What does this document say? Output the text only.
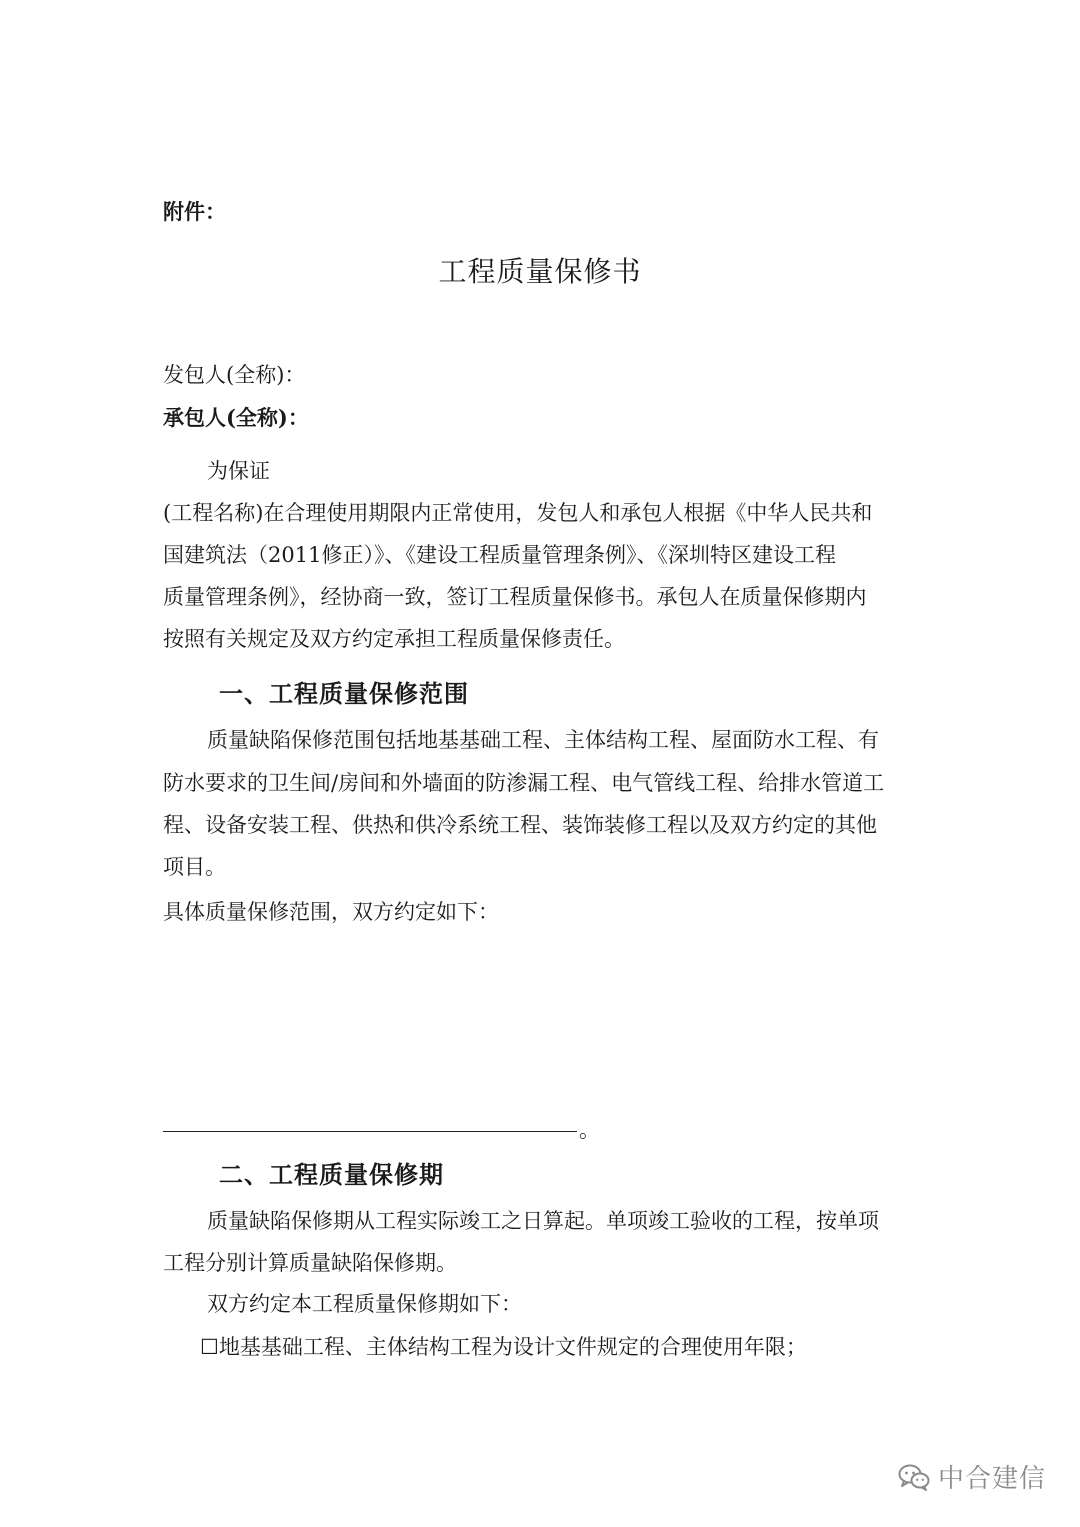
附件：
工程质量保修书
发包人(全称)：
承包人(全称)：
为保证
(工程名称)在合理使用期限内正常使用，发包人和承包人根据《中华人民共和
国建筑法（2011修正）》、《建设工程质量管理条例》、《深圳特区建设工程
质量管理条例》，经协商一致，签订工程质量保修书。承包人在质量保修期内
按照有关规定及双方约定承担工程质量保修责任。
一、工程质量保修范围
质量缺陷保修范围包括地基基础工程、主体结构工程、屋面防水工程、有
防水要求的卫生间/房间和外墙面的防渗漏工程、电气管线工程、给排水管道工
程、设备安装工程、供热和供冷系统工程、装饰装修工程以及双方约定的其他
项目。
具体质量保修范围，双方约定如下：
。
二、工程质量保修期
质量缺陷保修期从工程实际竣工之日算起。单项竣工验收的工程，按单项
工程分别计算质量缺陷保修期。
双方约定本工程质量保修期如下：
☐地基基础工程、主体结构工程为设计文件规定的合理使用年限；
中合建信
